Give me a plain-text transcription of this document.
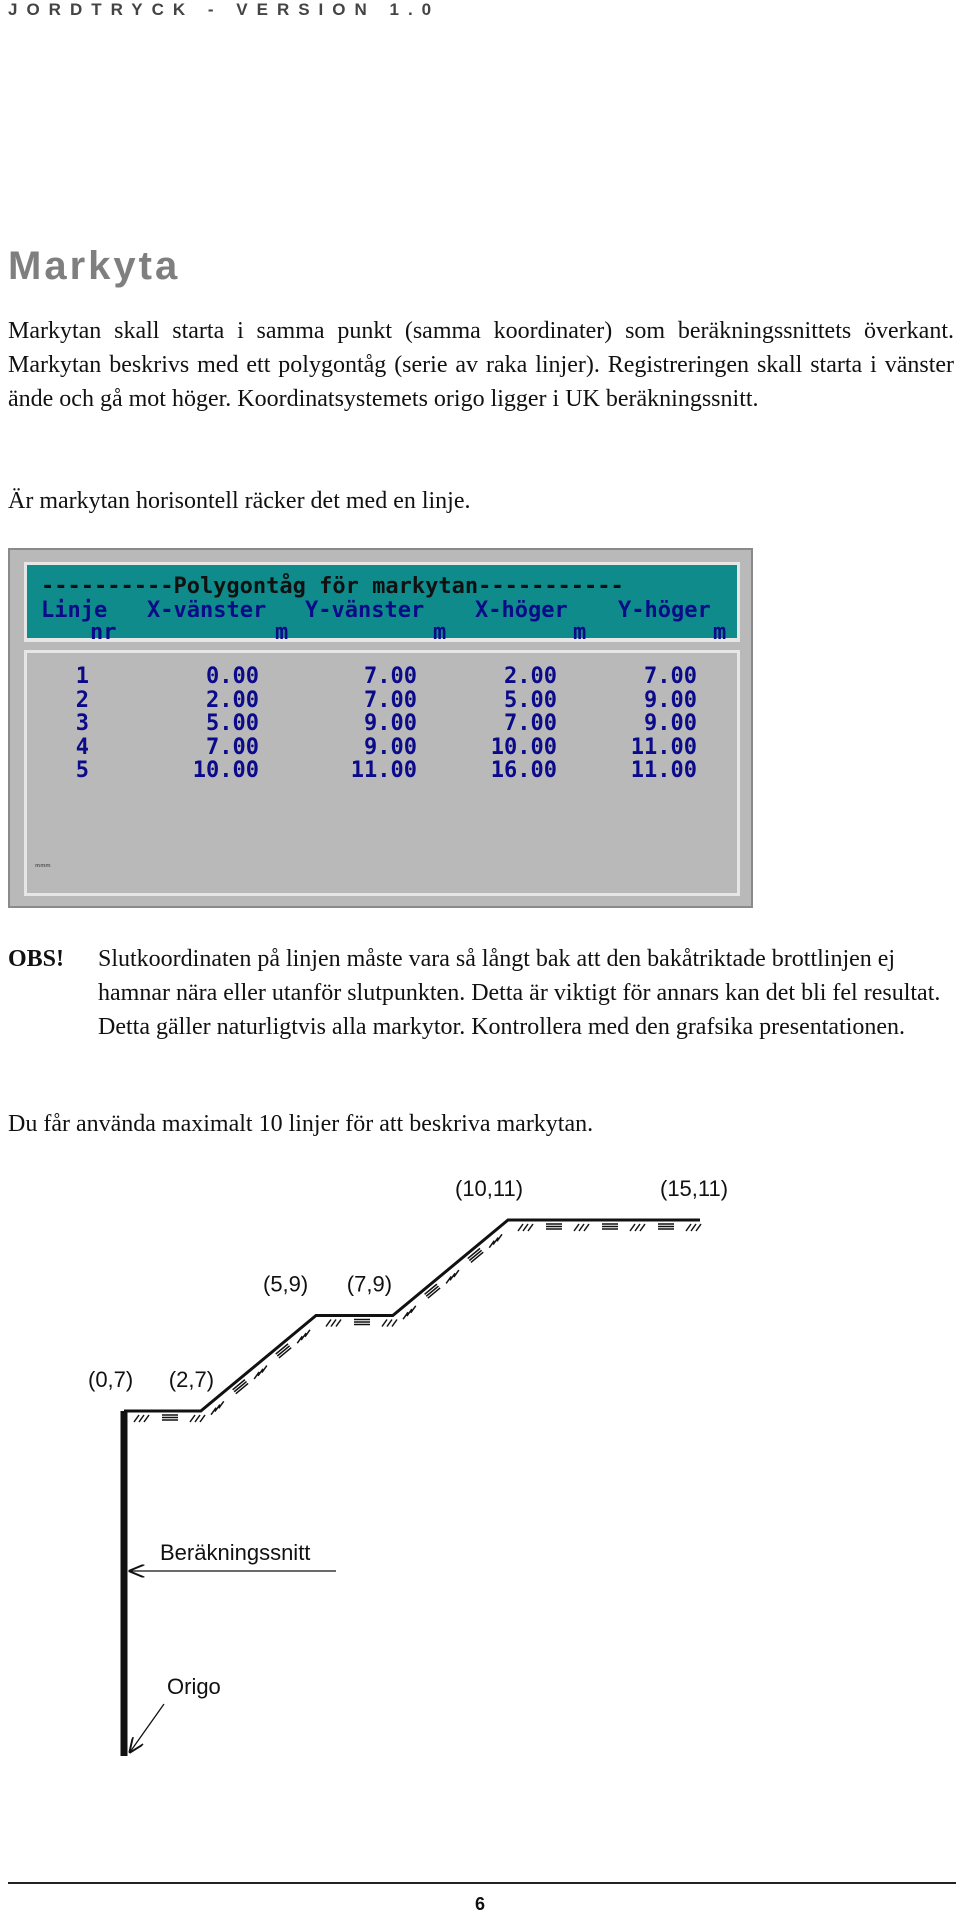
JORDTRYCK - VERSION 1.0
Markyta
Markytan skall starta i samma punkt (samma koordinater) som beräkningssnittets överkant. Markytan beskrivs med ett polygontåg (serie av raka linjer). Registreringen skall starta i vänster ände och gå mot höger. Koordinatsystemets origo ligger i UK beräkningssnitt.
Är markytan horisontell räcker det med en linje.
----------Polygontåg för markytan-----------
Linje X-vänster Y-vänster X-höger Y-höger
nr	m	m	m	m
mmm
1	0.00	7.00	2.00	7.00
2	2.00	7.00	5.00	9.00
3	5.00	9.00	7.00	9.00
4	7.00	9.00	10.00	11.00
5	10.00	11.00	16.00	11.00
OBS! Slutkoordinaten på linjen måste vara så långt bak att den bakåtriktade brottlinjen ej hamnar nära eller utanför slutpunkten. Detta är viktigt för annars kan det bli fel resultat. Detta gäller naturligtvis alla markytor. Kontrollera med den grafsika presentationen.
Du får använda maximalt 10 linjer för att beskriva markytan.
(0,7) (2,7)
(5,9) (7,9)
(10,11)	(15,11)
Beräkningssnitt
Origo
6
